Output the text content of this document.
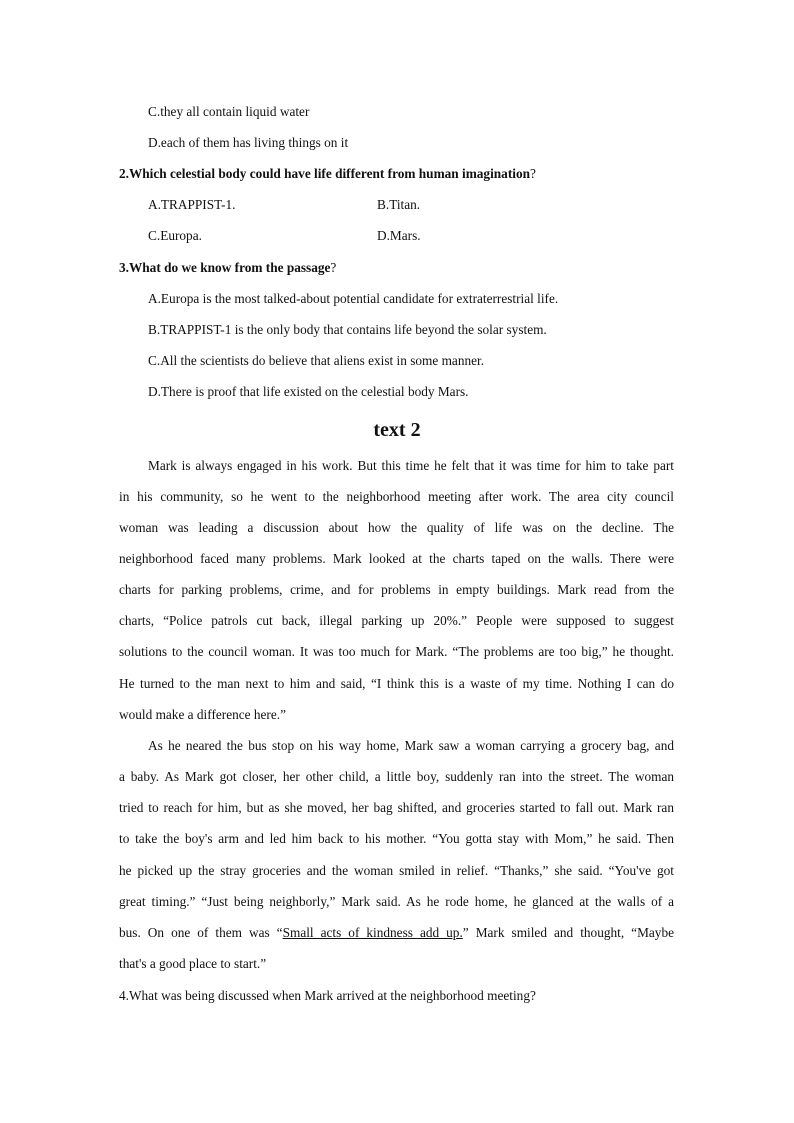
C.they all contain liquid water
D.each of them has living things on it
2.Which celestial body could have life different from human imagination?
A.TRAPPIST-1.	B.Titan.
C.Europa.	D.Mars.
3.What do we know from the passage?
A.Europa is the most talked-about potential candidate for extraterrestrial life.
B.TRAPPIST-1 is the only body that contains life beyond the solar system.
C.All the scientists do believe that aliens exist in some manner.
D.There is proof that life existed on the celestial body Mars.
text 2
Mark is always engaged in his work. But this time he felt that it was time for him to take part
in his community, so he went to the neighborhood meeting after work. The area city council
woman was leading a discussion about how the quality of life was on the decline. The
neighborhood faced many problems. Mark looked at the charts taped on the walls. There were
charts for parking problems, crime, and for problems in empty buildings. Mark read from the
charts, “Police patrols cut back, illegal parking up 20%.” People were supposed to suggest
solutions to the council woman. It was too much for Mark. “The problems are too big,” he thought.
He turned to the man next to him and said, “I think this is a waste of my time. Nothing I can do
would make a difference here.”
As he neared the bus stop on his way home, Mark saw a woman carrying a grocery bag, and
a baby. As Mark got closer, her other child, a little boy, suddenly ran into the street. The woman
tried to reach for him, but as she moved, her bag shifted, and groceries started to fall out. Mark ran
to take the boy's arm and led him back to his mother. “You gotta stay with Mom,” he said. Then
he picked up the stray groceries and the woman smiled in relief. “Thanks,” she said. “You've got
great timing.” “Just being neighborly,” Mark said. As he rode home, he glanced at the walls of a
bus. On one of them was “Small acts of kindness add up.” Mark smiled and thought, “Maybe
that's a good place to start.”
4.What was being discussed when Mark arrived at the neighborhood meeting?
